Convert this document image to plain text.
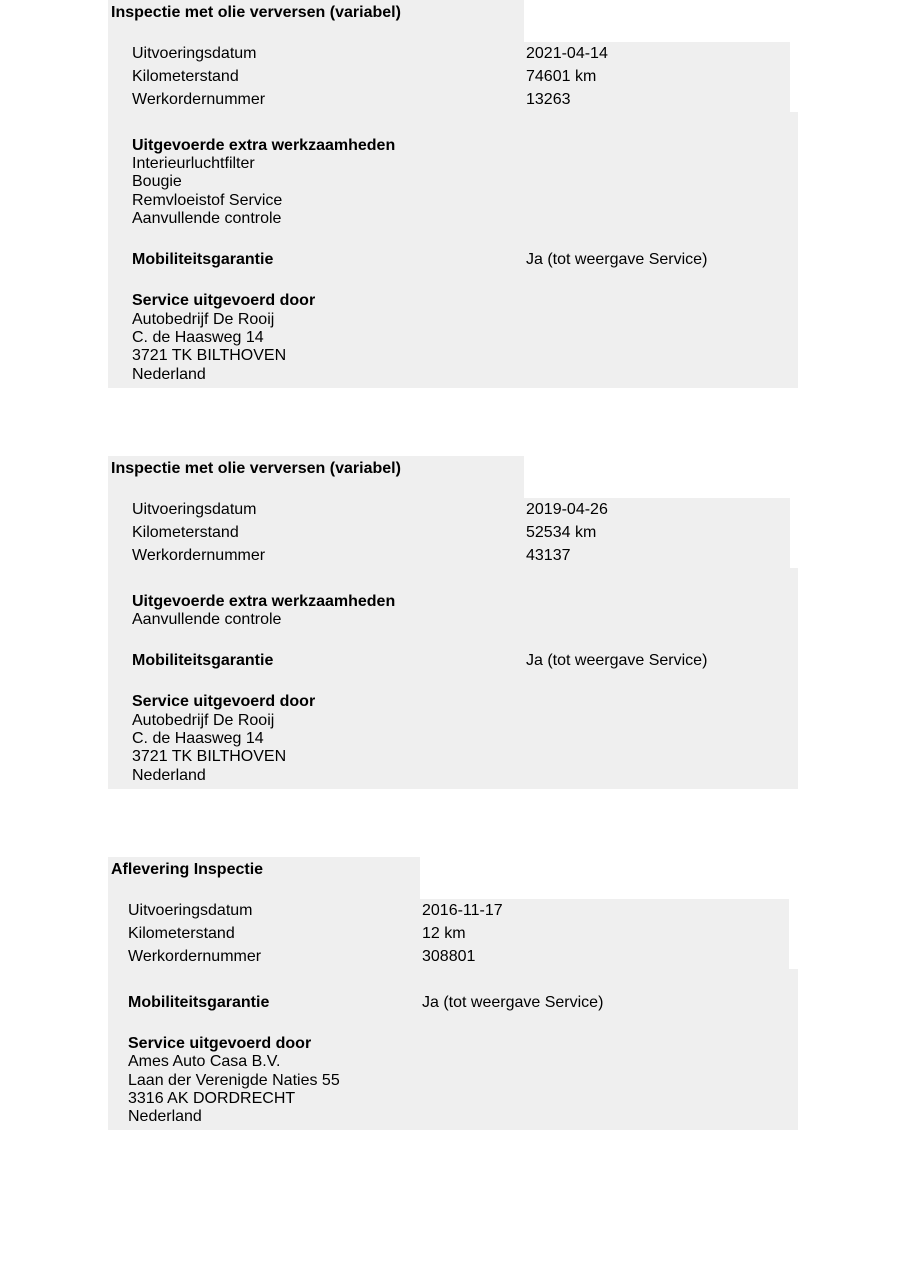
Inspectie met olie verversen (variabel)
Uitvoeringsdatum	2021-04-14
Kilometerstand	74601 km
Werkordernummer	13263
Uitgevoerde extra werkzaamheden
Interieurluchtfilter
Bougie
Remvloeistof Service
Aanvullende controle
Mobiliteitsgarantie	Ja (tot weergave Service)
Service uitgevoerd door
Autobedrijf De Rooij
C. de Haasweg 14
3721 TK BILTHOVEN
Nederland
Inspectie met olie verversen (variabel)
Uitvoeringsdatum	2019-04-26
Kilometerstand	52534 km
Werkordernummer	43137
Uitgevoerde extra werkzaamheden
Aanvullende controle
Mobiliteitsgarantie	Ja (tot weergave Service)
Service uitgevoerd door
Autobedrijf De Rooij
C. de Haasweg 14
3721 TK BILTHOVEN
Nederland
Aflevering Inspectie
Uitvoeringsdatum	2016-11-17
Kilometerstand	12 km
Werkordernummer	308801
Mobiliteitsgarantie	Ja (tot weergave Service)
Service uitgevoerd door
Ames Auto Casa B.V.
Laan der Verenigde Naties 55
3316 AK DORDRECHT
Nederland
